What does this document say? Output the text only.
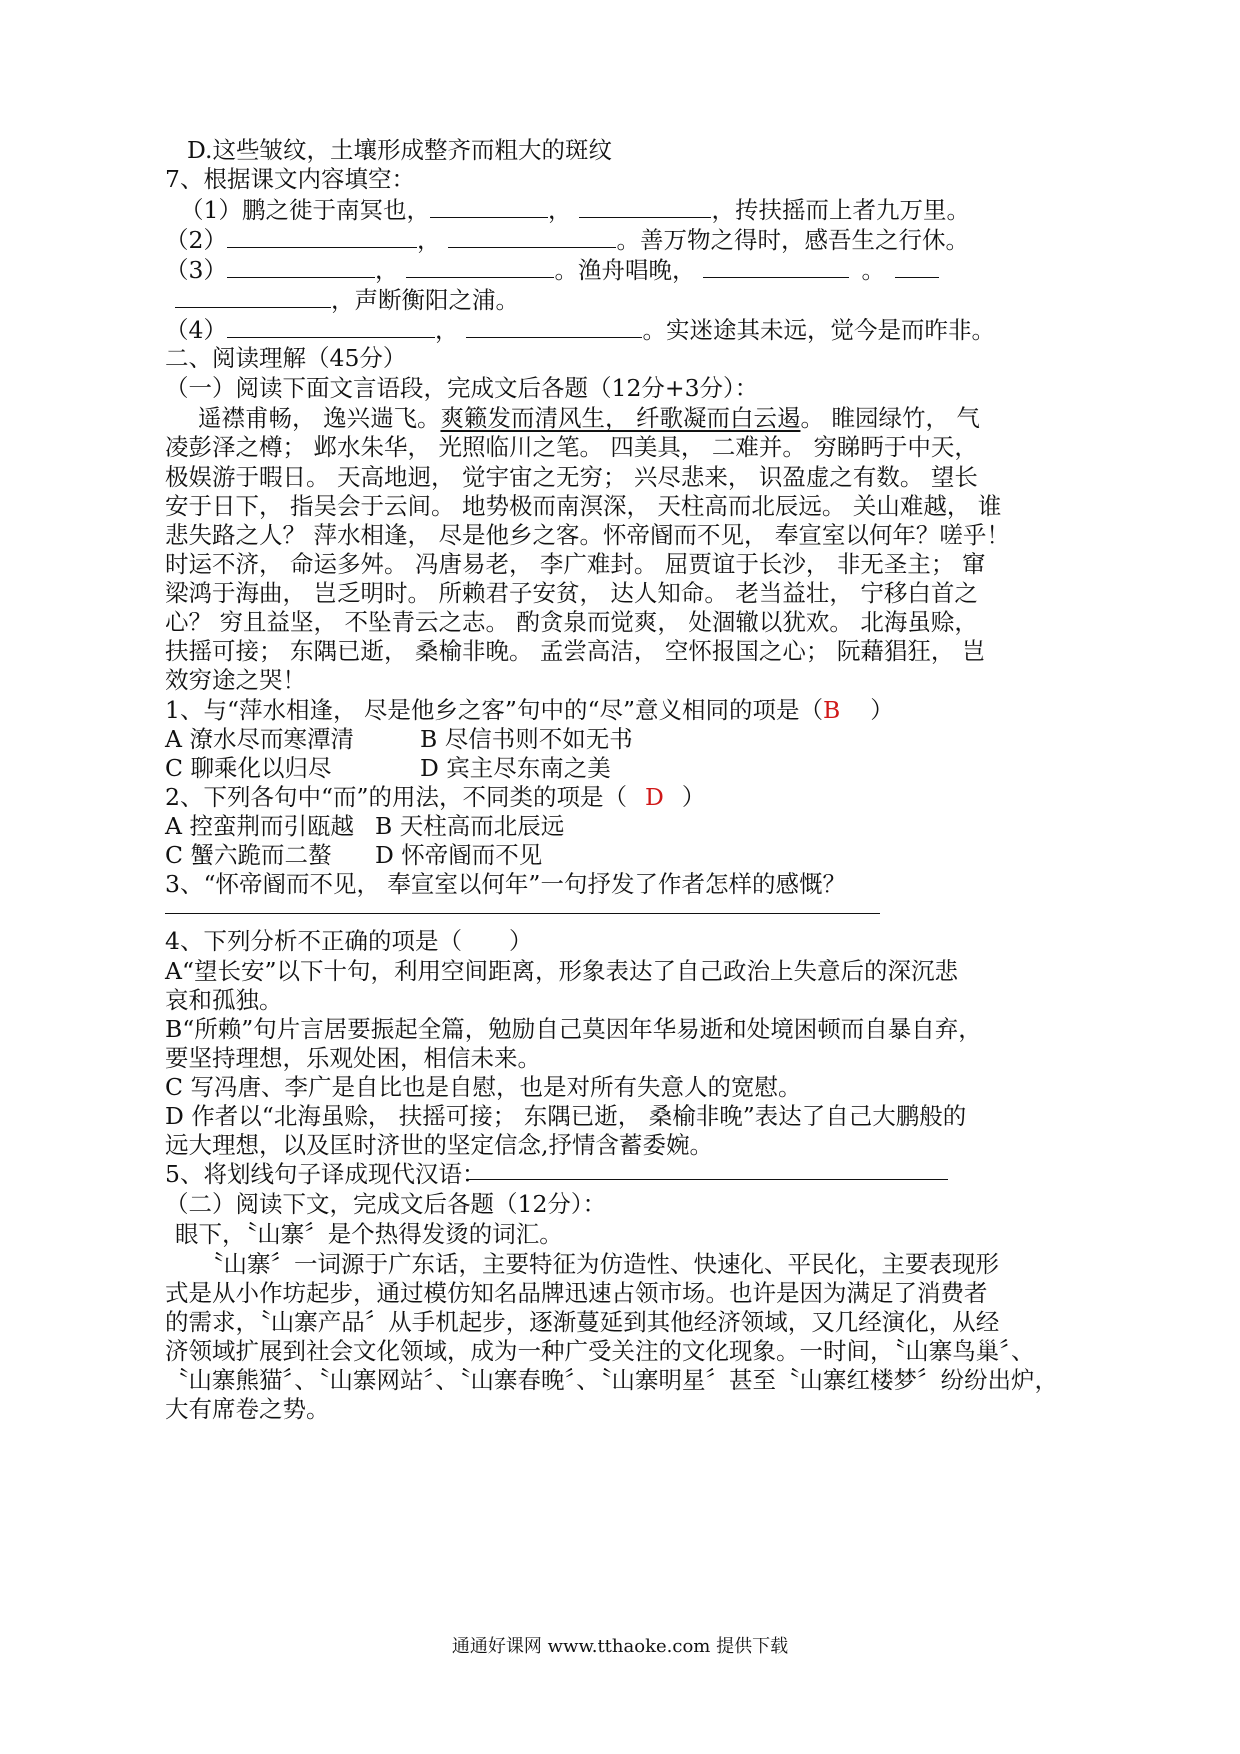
D.这些皱纹，土壤形成整齐而粗大的斑纹
7、根据课文内容填空：
（1）鹏之徙于南冥也，	，	，抟扶摇而上者九万里。
（2）	，	。善万物之得时，感吾生之行休。
（3）	，	。渔舟唱晚，	。
，声断衡阳之浦。
（4）	，	。实迷途其未远，觉今是而昨非。
二、阅读理解（45分）
（一）阅读下面文言语段，完成文后各题（12分+3分）：
遥襟甫畅， 逸兴遄飞。爽籁发而清风生， 纤歌凝而白云遏。 睢园绿竹， 气
凌彭泽之樽； 邺水朱华， 光照临川之笔。 四美具， 二难并。 穷睇眄于中天，
极娱游于暇日。 天高地迥， 觉宇宙之无穷； 兴尽悲来， 识盈虚之有数。 望长
安于日下， 指吴会于云间。 地势极而南溟深， 天柱高而北辰远。 关山难越， 谁
悲失路之人？ 萍水相逢， 尽是他乡之客。怀帝阍而不见， 奉宣室以何年？嗟乎！
时运不济， 命运多舛。 冯唐易老， 李广难封。 屈贾谊于长沙， 非无圣主； 窜
梁鸿于海曲， 岂乏明时。 所赖君子安贫， 达人知命。 老当益壮， 宁移白首之
心？ 穷且益坚， 不坠青云之志。 酌贪泉而觉爽， 处涸辙以犹欢。 北海虽赊，
扶摇可接； 东隅已逝， 桑榆非晚。 孟尝高洁， 空怀报国之心； 阮藉猖狂， 岂
效穷途之哭！
1、与“萍水相逢， 尽是他乡之客”句中的“尽”意义相同的项是（B ）
A 潦水尽而寒潭清	B 尽信书则不如无书
C 聊乘化以归尽	D 宾主尽东南之美
2、下列各句中“而”的用法，不同类的项是（ D ）
A 控蛮荆而引瓯越 B 天柱高而北辰远
C 蟹六跪而二螯 D 怀帝阍而不见
3、“怀帝阍而不见， 奉宣室以何年”一句抒发了作者怎样的感慨？
4、下列分析不正确的项是（　　）
A“望长安”以下十句，利用空间距离，形象表达了自己政治上失意后的深沉悲
哀和孤独。
B“所赖”句片言居要振起全篇，勉励自己莫因年华易逝和处境困顿而自暴自弃，
要坚持理想，乐观处困，相信未来。
C 写冯唐、李广是自比也是自慰，也是对所有失意人的宽慰。
D 作者以“北海虽赊， 扶摇可接； 东隅已逝， 桑榆非晚”表达了自己大鹏般的
远大理想，以及匡时济世的坚定信念,抒情含蓄委婉。
5、将划线句子译成现代汉语：
（二）阅读下文，完成文后各题（12分）：
眼下，〝山寨〞是个热得发烫的词汇。
〝山寨〞一词源于广东话，主要特征为仿造性、快速化、平民化，主要表现形
式是从小作坊起步，通过模仿知名品牌迅速占领市场。也许是因为满足了消费者
的需求，〝山寨产品〞从手机起步，逐渐蔓延到其他经济领域，又几经演化，从经
济领域扩展到社会文化领域，成为一种广受关注的文化现象。一时间，〝山寨鸟巢〞、
〝山寨熊猫〞、〝山寨网站〞、〝山寨春晚〞、〝山寨明星〞甚至〝山寨红楼梦〞纷纷出炉，
大有席卷之势。
通通好课网 www.tthaoke.com 提供下载
